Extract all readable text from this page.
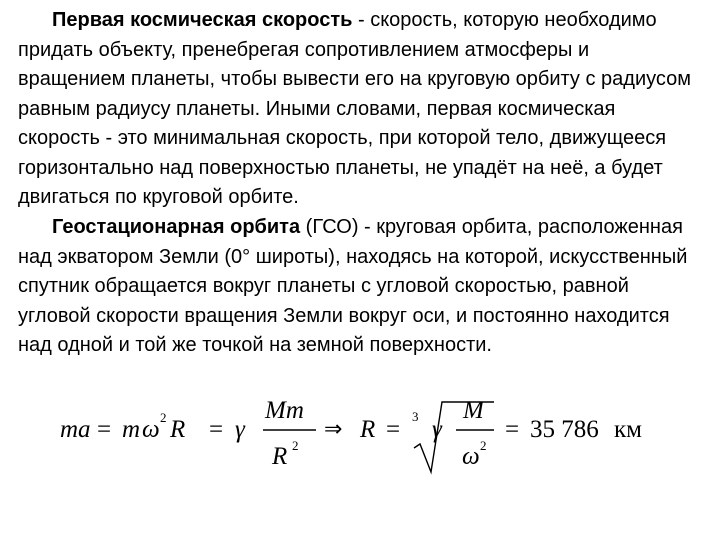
Первая космическая скорость - скорость, которую необходимо придать объекту, пренебрегая сопротивлением атмосферы и вращением планеты, чтобы вывести его на круговую орбиту с радиусом равным радиусу планеты. Иными словами, первая космическая скорость - это минимальная скорость, при которой тело, движущееся горизонтально над поверхностью планеты, не упадёт на неё, а будет двигаться по круговой орбите.
Геостационарная орбита (ГСО) - круговая орбита, расположенная над экватором Земли (0° широты), находясь на которой, искусственный спутник обращается вокруг планеты с угловой скоростью, равной угловой скорости вращения Земли вокруг оси, и постоянно находится над одной и той же точкой на земной поверхности.
ma = m ω 2 R = γ
Mm
R 2
⇒ R = 3 γ
M
ω 2
= 35 786 км
